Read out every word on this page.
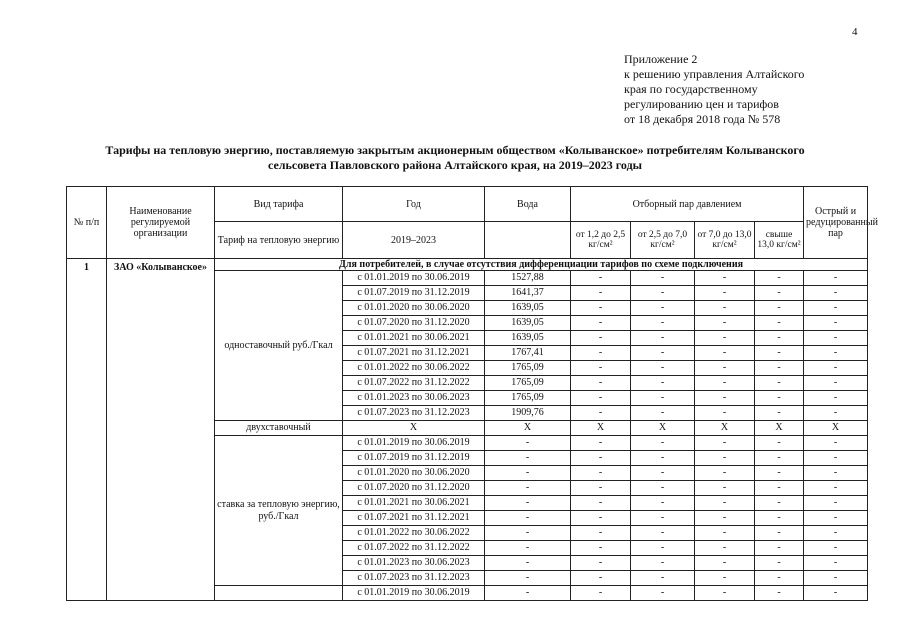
4
Приложение 2
к решению управления Алтайского
края по государственному
регулированию цен и тарифов
от 18 декабря 2018 года № 578
Тарифы на тепловую энергию, поставляемую закрытым акционерным обществом «Колыванское» потребителям Колыванского
сельсовета Павловского района Алтайского края, на 2019–2023 годы
№ п/п	Наименование регулируемой организации	Вид тарифа	Год	Вода	Отборный пар давлением				Острый и редуцированный пар
		Тариф на тепловую энергию	2019–2023		от 1,2 до 2,5 кг/см²	от 2,5 до 7,0 кг/см²	от 7,0 до 13,0 кг/см²	свыше 13,0 кг/см²	
1	ЗАО «Колыванское»	Для потребителей, в случае отсутствия дифференциации тарифов по схеме подключения							
		одноставочный руб./Гкал	с 01.01.2019 по 30.06.2019	1527,88	-	-	-	-	-
			с 01.07.2019 по 31.12.2019	1641,37	-	-	-	-	-
			с 01.01.2020 по 30.06.2020	1639,05	-	-	-	-	-
			с 01.07.2020 по 31.12.2020	1639,05	-	-	-	-	-
			с 01.01.2021 по 30.06.2021	1639,05	-	-	-	-	-
			с 01.07.2021 по 31.12.2021	1767,41	-	-	-	-	-
			с 01.01.2022 по 30.06.2022	1765,09	-	-	-	-	-
			с 01.07.2022 по 31.12.2022	1765,09	-	-	-	-	-
			с 01.01.2023 по 30.06.2023	1765,09	-	-	-	-	-
			с 01.07.2023 по 31.12.2023	1909,76	-	-	-	-	-
		двухставочный	X	X	X	X	X	X	X
		ставка за тепловую энергию, руб./Гкал	с 01.01.2019 по 30.06.2019	-	-	-	-	-	-
			с 01.07.2019 по 31.12.2019	-	-	-	-	-	-
			с 01.01.2020 по 30.06.2020	-	-	-	-	-	-
			с 01.07.2020 по 31.12.2020	-	-	-	-	-	-
			с 01.01.2021 по 30.06.2021	-	-	-	-	-	-
			с 01.07.2021 по 31.12.2021	-	-	-	-	-	-
			с 01.01.2022 по 30.06.2022	-	-	-	-	-	-
			с 01.07.2022 по 31.12.2022	-	-	-	-	-	-
			с 01.01.2023 по 30.06.2023	-	-	-	-	-	-
			с 01.07.2023 по 31.12.2023	-	-	-	-	-	-
			с 01.01.2019 по 30.06.2019	-	-	-	-	-	-
